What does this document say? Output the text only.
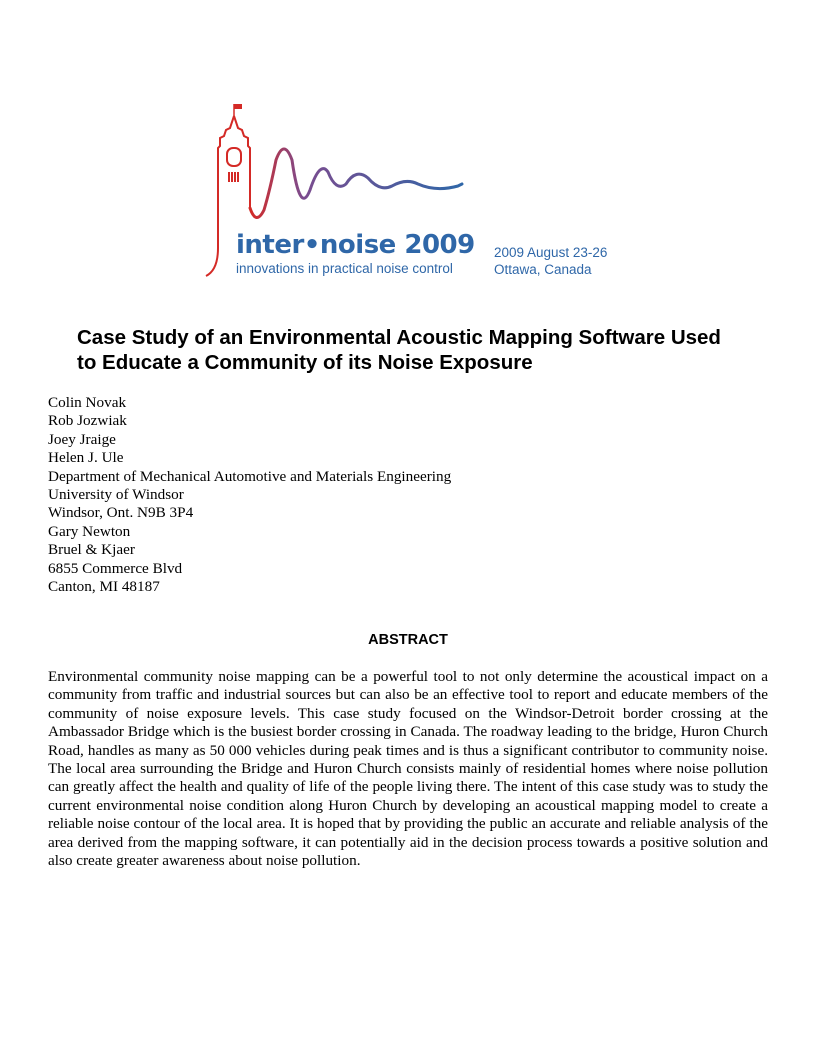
inter•noise 2009
innovations in practical noise control
2009 August 23-26
Ottawa, Canada
Case Study of an Environmental Acoustic Mapping Software Used
to Educate a Community of its Noise Exposure
Colin Novak
Rob Jozwiak
Joey Jraige
Helen J. Ule
Department of Mechanical Automotive and Materials Engineering
University of Windsor
Windsor, Ont. N9B 3P4
Gary Newton
Bruel & Kjaer
6855 Commerce Blvd
Canton, MI 48187
ABSTRACT

Environmental community noise mapping can be a powerful tool to not only determine the acoustical impact on a community from traffic and industrial sources but can also be an effective tool to report and educate members of the community of noise exposure levels. This case study focused on the Windsor-Detroit border crossing at the Ambassador Bridge which is the busiest border crossing in Canada. The roadway leading to the bridge, Huron Church Road, handles as many as 50 000 vehicles during peak times and is thus a significant contributor to community noise. The local area surrounding the Bridge and Huron Church consists mainly of residential homes where noise pollution can greatly affect the health and quality of life of the people living there. The intent of this case study was to study the current environmental noise condition along Huron Church by developing an acoustical mapping model to create a reliable noise contour of the local area. It is hoped that by providing the public an accurate and reliable analysis of the area derived from the mapping software, it can potentially aid in the decision process towards a positive solution and also create greater awareness about noise pollution.
